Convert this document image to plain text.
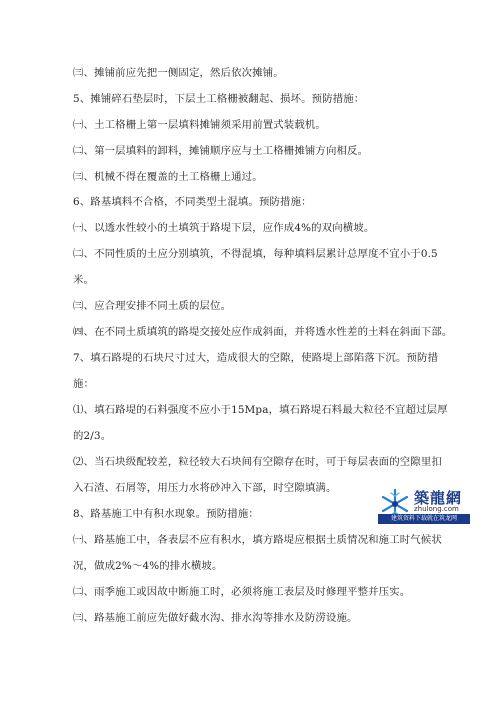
㈢、摊铺前应先把一侧固定，然后依次摊铺。
5、摊铺碎石垫层时，下层土工格栅被翻起、损坏。预防措施：
㈠、土工格栅上第一层填料摊铺须采用前置式装载机。
㈡、第一层填料的卸料，摊铺顺序应与土工格栅摊铺方向相反。
㈢、机械不得在覆盖的土工格栅上通过。
6、路基填料不合格，不同类型土混填。预防措施：
㈠、以透水性较小的土填筑于路堤下层，应作成4%的双向横坡。
㈡、不同性质的土应分别填筑，不得混填，每种填料层累计总厚度不宜小于0.5
米。
㈢、应合理安排不同土质的层位。
㈣、在不同土质填筑的路堤交接处应作成斜面，并将透水性差的土料在斜面下部。
7、填石路堤的石块尺寸过大，造成很大的空隙，使路堤上部陷落下沉。预防措
施：
⑴、填石路堤的石料强度不应小于15Mpa，填石路堤石料最大粒径不宜超过层厚
的2/3。
⑵、当石块级配较差，粒径较大石块间有空隙存在时，可于每层表面的空隙里扣
入石渣、石屑等，用压力水将砂冲入下部，时空隙填满。
8、路基施工中有积水现象。预防措施：
㈠、路基施工中，各表层不应有积水，填方路堤应根据土质情况和施工时气候状
况，做成2%～4%的排水横坡。
㈡、雨季施工或因故中断施工时，必须将施工表层及时修理平整并压实。
㈢、路基施工前应先做好截水沟、排水沟等排水及防涝设施。
築龍網
zhulong.com
建筑资料下载就在筑龙网
